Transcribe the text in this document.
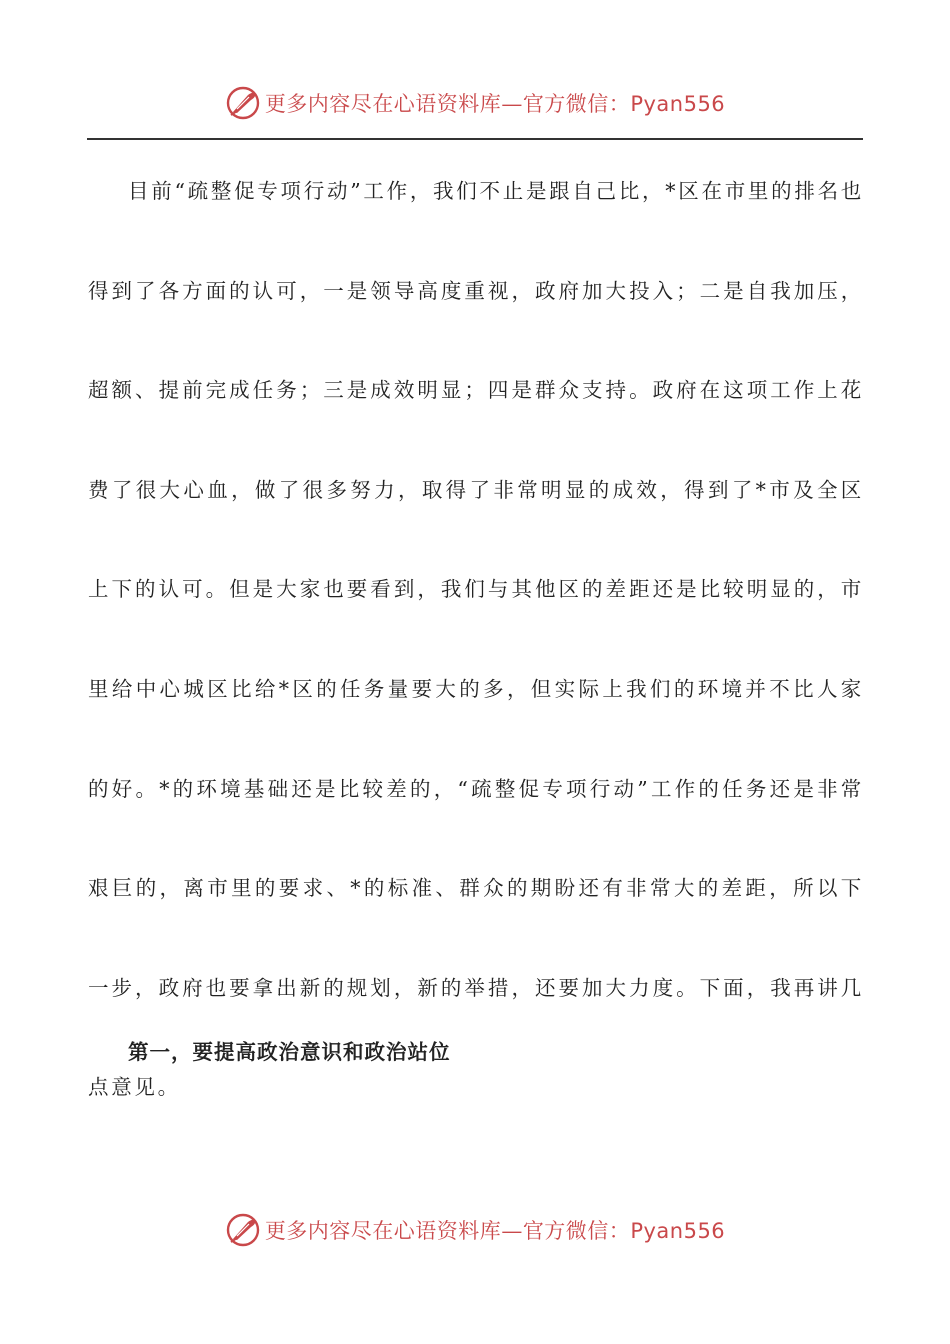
更多内容尽在心语资料库—官方微信：Pyan556

目前“疏整促专项行动”工作，我们不止是跟自己比，*区在市里的排名也得到了各方面的认可，一是领导高度重视，政府加大投入；二是自我加压，超额、提前完成任务；三是成效明显；四是群众支持。政府在这项工作上花费了很大心血，做了很多努力，取得了非常明显的成效，得到了*市及全区上下的认可。但是大家也要看到，我们与其他区的差距还是比较明显的，市里给中心城区比给*区的任务量要大的多，但实际上我们的环境并不比人家的好。*的环境基础还是比较差的，“疏整促专项行动”工作的任务还是非常艰巨的，离市里的要求、*的标准、群众的期盼还有非常大的差距，所以下一步，政府也要拿出新的规划，新的举措，还要加大力度。下面，我再讲几点意见。

第一，要提高政治意识和政治站位

更多内容尽在心语资料库—官方微信：Pyan556
